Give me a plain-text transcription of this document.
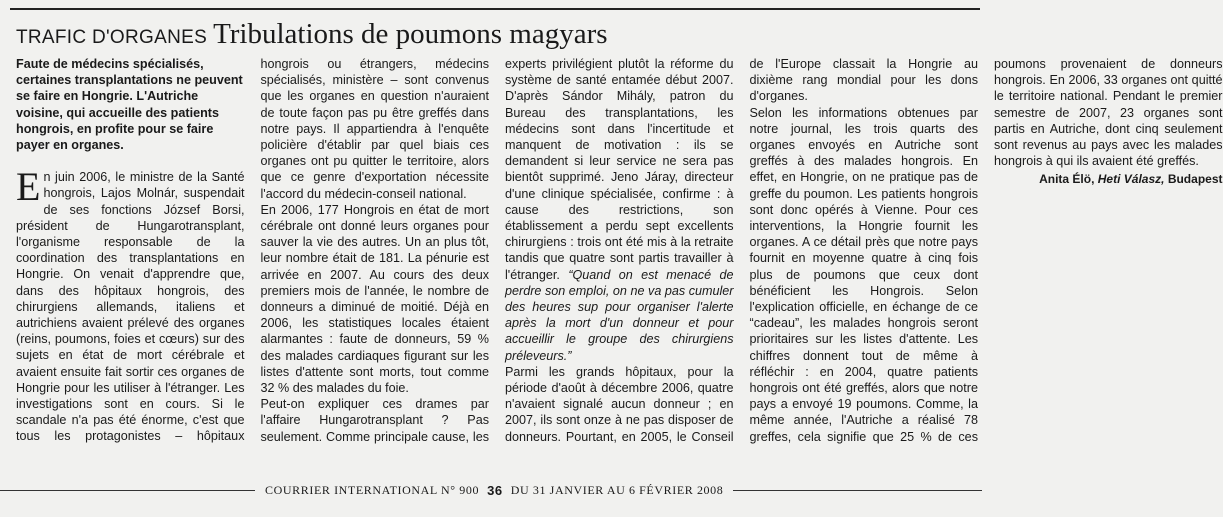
TRAFIC D'ORGANES Tribulations de poumons magyars

Faute de médecins spécialisés, certaines transplantations ne peuvent se faire en Hongrie. L'Autriche voisine, qui accueille des patients hongrois, en profite pour se faire payer en organes.

En juin 2006, le ministre de la Santé hongrois, Lajos Molnár, suspendait de ses fonctions József Borsi, président de Hungarotransplant, l'organisme responsable de la coordination des transplantations en Hongrie. On venait d'apprendre que, dans des hôpitaux hongrois, des chirurgiens allemands, italiens et autrichiens avaient prélevé des organes (reins, poumons, foies et cœurs) sur des sujets en état de mort cérébrale et avaient ensuite fait sortir ces organes de Hongrie pour les utiliser à l'étranger. Les investigations sont en cours. Si le scandale n'a pas été énorme, c'est que tous les protagonistes – hôpitaux hongrois ou étrangers, médecins spécialisés, ministère – sont convenus que les organes en question n'auraient de toute façon pas pu être greffés dans notre pays. Il appartiendra à l'enquête policière d'établir par quel biais ces organes ont pu quitter le territoire, alors que ce genre d'exportation nécessite l'accord du médecin-conseil national.

En 2006, 177 Hongrois en état de mort cérébrale ont donné leurs organes pour sauver la vie des autres. Un an plus tôt, leur nombre était de 181. La pénurie est arrivée en 2007. Au cours des deux premiers mois de l'année, le nombre de donneurs a diminué de moitié. Déjà en 2006, les statistiques locales étaient alarmantes : faute de donneurs, 59 % des malades cardiaques figurant sur les listes d'attente sont morts, tout comme 32 % des malades du foie.

Peut-on expliquer ces drames par l'affaire Hungarotransplant ? Pas seulement. Comme principale cause, les experts privilégient plutôt la réforme du système de santé entamée début 2007. D'après Sándor Mihály, patron du Bureau des transplantations, les médecins sont dans l'incertitude et manquent de motivation : ils se demandent si leur service ne sera pas bientôt supprimé. Jeno Járay, directeur d'une clinique spécialisée, confirme : à cause des restrictions, son établissement a perdu sept excellents chirurgiens : trois ont été mis à la retraite tandis que quatre sont partis travailler à l'étranger. “Quand on est menacé de perdre son emploi, on ne va pas cumuler des heures sup pour organiser l'alerte après la mort d'un donneur et pour accueillir le groupe des chirurgiens préleveurs.”

Parmi les grands hôpitaux, pour la période d'août à décembre 2006, quatre n'avaient signalé aucun donneur ; en 2007, ils sont onze à ne pas disposer de donneurs. Pourtant, en 2005, le Conseil de l'Europe classait la Hongrie au dixième rang mondial pour les dons d'organes.

Selon les informations obtenues par notre journal, les trois quarts des organes envoyés en Autriche sont greffés à des malades hongrois. En effet, en Hongrie, on ne pratique pas de greffe du poumon. Les patients hongrois sont donc opérés à Vienne. Pour ces interventions, la Hongrie fournit les organes. A ce détail près que notre pays fournit en moyenne quatre à cinq fois plus de poumons que ceux dont bénéficient les Hongrois. Selon l'explication officielle, en échange de ce “cadeau”, les malades hongrois seront prioritaires sur les listes d'attente. Les chiffres donnent tout de même à réfléchir : en 2004, quatre patients hongrois ont été greffés, alors que notre pays a envoyé 19 poumons. Comme, la même année, l'Autriche a réalisé 78 greffes, cela signifie que 25 % de ces poumons provenaient de donneurs hongrois. En 2006, 33 organes ont quitté le territoire national. Pendant le premier semestre de 2007, 23 organes sont partis en Autriche, dont cinq seulement sont revenus au pays avec les malades hongrois à qui ils avaient été greffés.

Anita Élö, Heti Válasz, Budapest

COURRIER INTERNATIONAL N° 900 36 DU 31 JANVIER AU 6 FÉVRIER 2008
